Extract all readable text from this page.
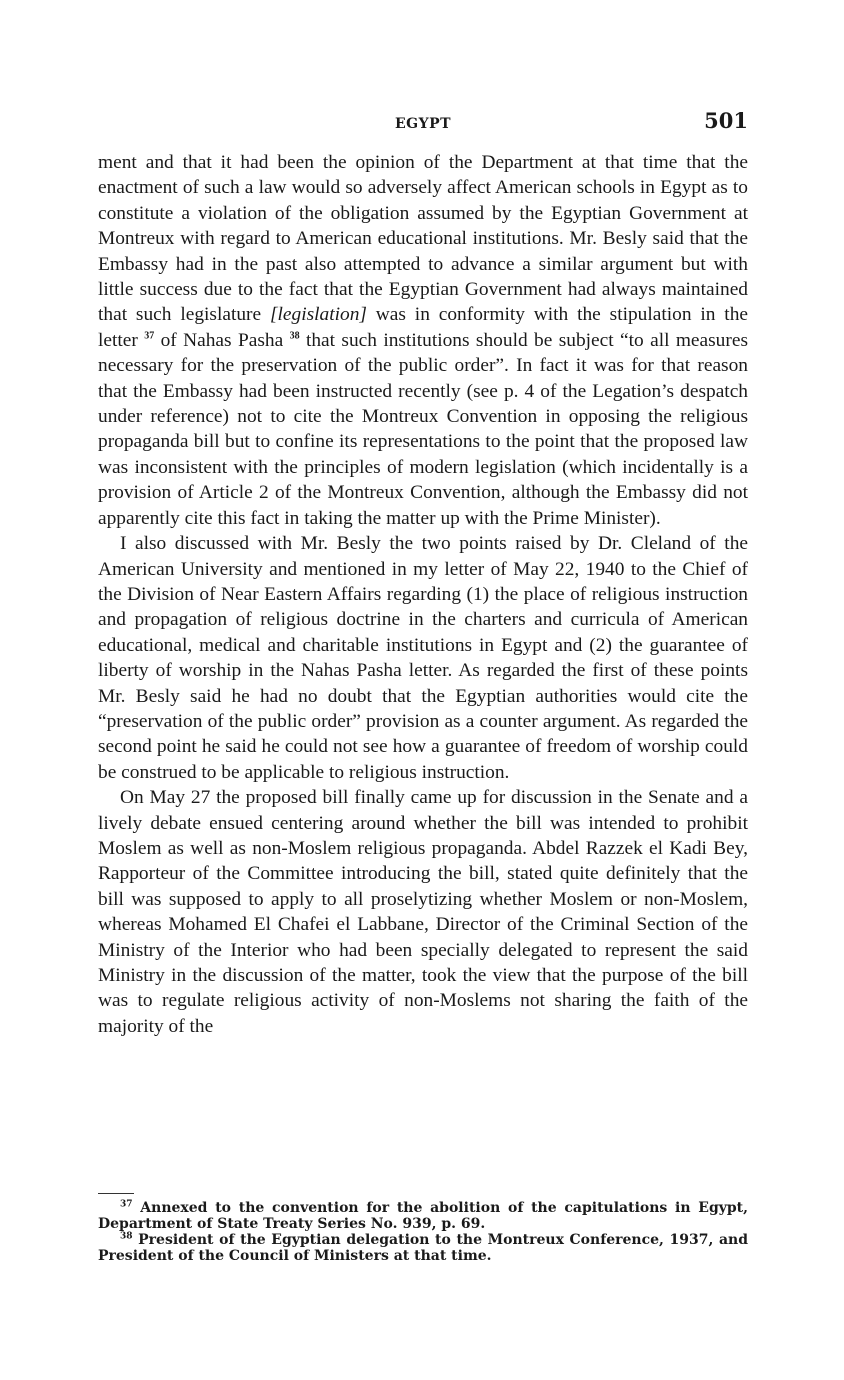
EGYPT	501

ment and that it had been the opinion of the Department at that time that the enactment of such a law would so adversely affect American schools in Egypt as to constitute a violation of the obligation assumed by the Egyptian Government at Montreux with regard to American educational institutions. Mr. Besly said that the Embassy had in the past also attempted to advance a similar argument but with little success due to the fact that the Egyptian Government had always maintained that such legislature [legislation] was in conformity with the stipulation in the letter $^{37}$ of Nahas Pasha $^{38}$ that such institutions should be subject “to all measures necessary for the preservation of the public order”. In fact it was for that reason that the Embassy had been instructed recently (see p. 4 of the Legation’s despatch under reference) not to cite the Montreux Convention in opposing the religious propaganda bill but to confine its representations to the point that the proposed law was inconsistent with the principles of modern legislation (which incidentally is a provision of Article 2 of the Montreux Convention, although the Embassy did not apparently cite this fact in taking the matter up with the Prime Minister).

I also discussed with Mr. Besly the two points raised by Dr. Cleland of the American University and mentioned in my letter of May 22, 1940 to the Chief of the Division of Near Eastern Affairs regarding (1) the place of religious instruction and propagation of religious doctrine in the charters and curricula of American educational, medical and charitable institutions in Egypt and (2) the guarantee of liberty of worship in the Nahas Pasha letter. As regarded the first of these points Mr. Besly said he had no doubt that the Egyptian authorities would cite the “preservation of the public order” provision as a counter argument. As regarded the second point he said he could not see how a guarantee of freedom of worship could be construed to be applicable to religious instruction.

On May 27 the proposed bill finally came up for discussion in the Senate and a lively debate ensued centering around whether the bill was intended to prohibit Moslem as well as non-Moslem religious propaganda. Abdel Razzek el Kadi Bey, Rapporteur of the Committee introducing the bill, stated quite definitely that the bill was supposed to apply to all proselytizing whether Moslem or non-Moslem, whereas Mohamed El Chafei el Labbane, Director of the Criminal Section of the Ministry of the Interior who had been specially delegated to represent the said Ministry in the discussion of the matter, took the view that the purpose of the bill was to regulate religious activity of non-Moslems not sharing the faith of the majority of the

$^{37}$ Annexed to the convention for the abolition of the capitulations in Egypt, Department of State Treaty Series No. 939, p. 69.

$^{38}$ President of the Egyptian delegation to the Montreux Conference, 1937, and President of the Council of Ministers at that time.
